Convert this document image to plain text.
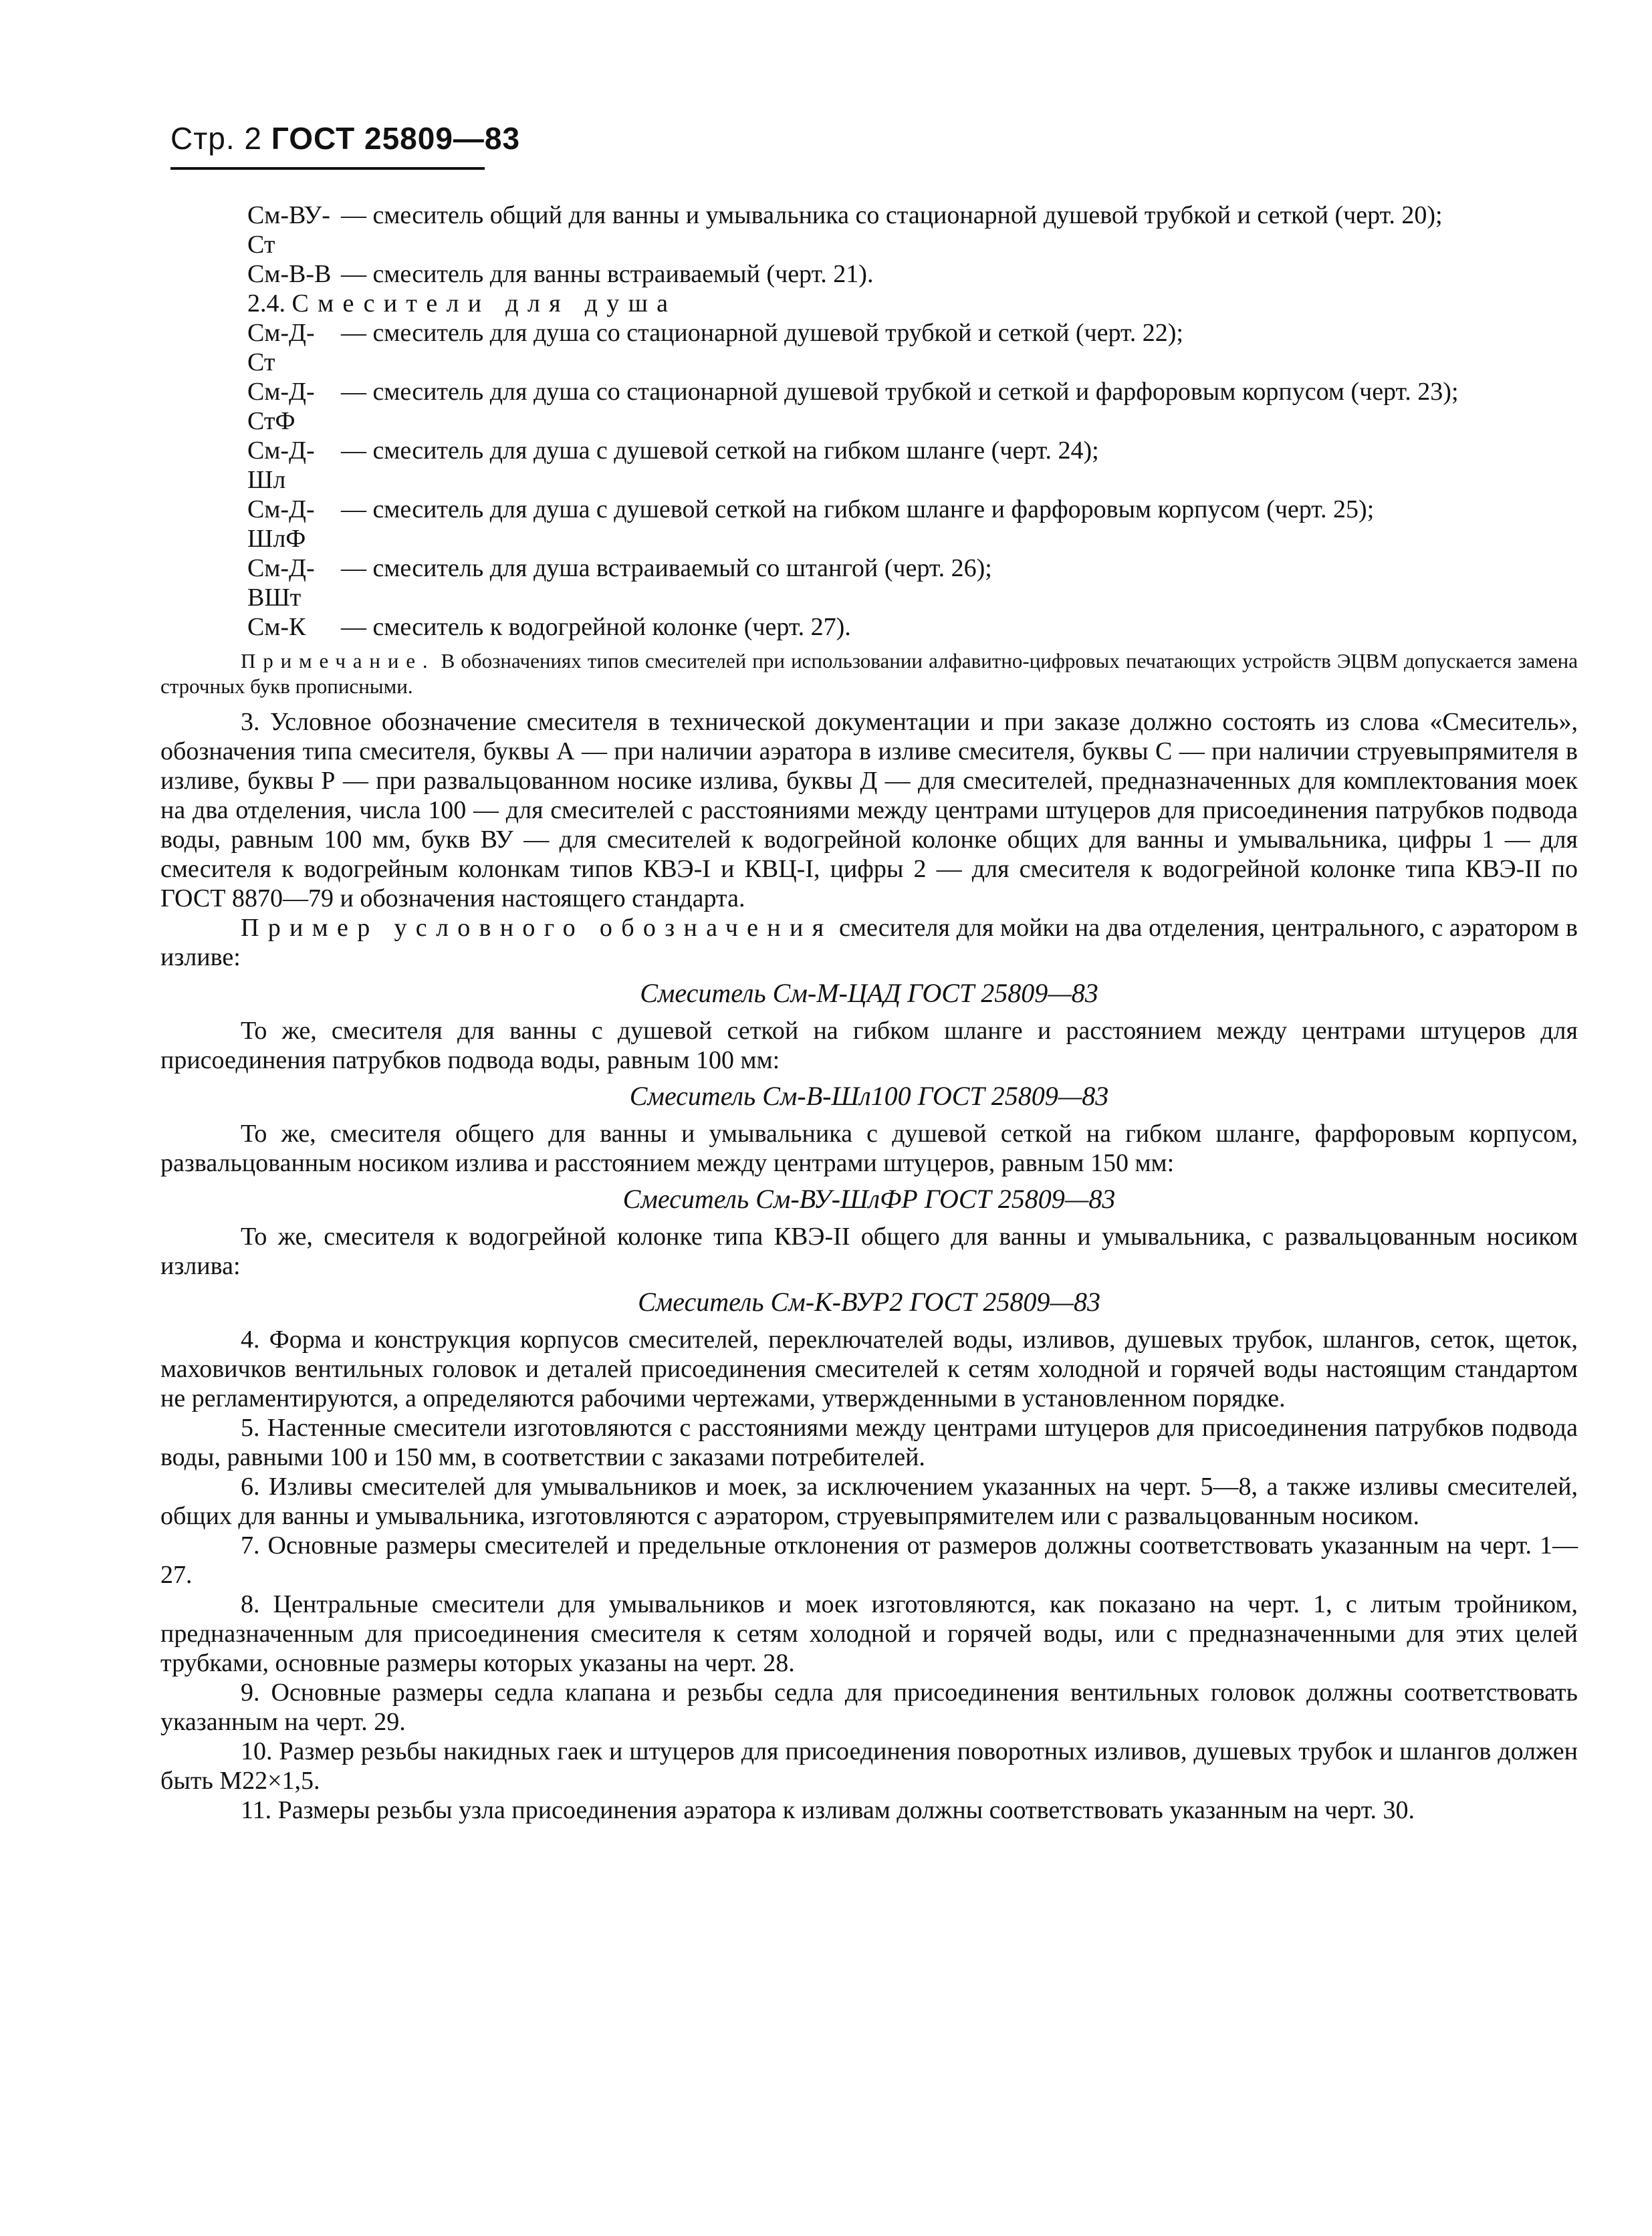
Стр. 2 ГОСТ 25809—83
См-ВУ-Ст
— смеситель общий для ванны и умывальника со стационарной душевой трубкой и сеткой (черт. 20);
См-В-В — смеситель для ванны встраиваемый (черт. 21).

2.4. Смесители для душа

См-Д-Ст
— смеситель для душа со стационарной душевой трубкой и сеткой (черт. 22);
См-Д-СтФ
— смеситель для душа со стационарной душевой трубкой и сеткой и фарфоровым корпусом (черт. 23);
См-Д-Шл
— смеситель для душа с душевой сеткой на гибком шланге (черт. 24);
См-Д-ШлФ
— смеситель для душа с душевой сеткой на гибком шланге и фарфоровым корпусом (черт. 25);
См-Д-ВШт
— смеситель для душа встраиваемый со штангой (черт. 26);
См-К	— смеситель к водогрейной колонке (черт. 27).

Примечание. В обозначениях типов смесителей при использовании алфавитно-цифровых печатающих устройств ЭЦВМ допускается замена строчных букв прописными.

3. Условное обозначение смесителя в технической документации и при заказе должно состоять из слова «Смеситель», обозначения типа смесителя, буквы А — при наличии аэратора в изливе смесителя, буквы С — при наличии струевыпрямителя в изливе, буквы Р — при развальцованном носике излива, буквы Д — для смесителей, предназначенных для комплектования моек на два отделения, числа 100 — для смесителей с расстояниями между центрами штуцеров для присоединения патрубков подвода воды, равным 100 мм, букв ВУ — для смесителей к водогрейной колонке общих для ванны и умывальника, цифры 1 — для смесителя к водогрейным колонкам типов КВЭ-I и КВЦ-I, цифры 2 — для смесителя к водогрейной колонке типа КВЭ-II по ГОСТ 8870—79 и обозначения настоящего стандарта.

Пример условного обозначения смесителя для мойки на два отделения, центрального, с аэратором в изливе:

Смеситель См-М-ЦАД ГОСТ 25809—83

То же, смесителя для ванны с душевой сеткой на гибком шланге и расстоянием между центрами штуцеров для присоединения патрубков подвода воды, равным 100 мм:

Смеситель См-В-Шл100 ГОСТ 25809—83

То же, смесителя общего для ванны и умывальника с душевой сеткой на гибком шланге, фарфоровым корпусом, развальцованным носиком излива и расстоянием между центрами штуцеров, равным 150 мм:

Смеситель См-ВУ-ШлФР ГОСТ 25809—83

То же, смесителя к водогрейной колонке типа КВЭ-II общего для ванны и умывальника, с развальцованным носиком излива:

Смеситель См-К-ВУР2 ГОСТ 25809—83

4. Форма и конструкция корпусов смесителей, переключателей воды, изливов, душевых трубок, шлангов, сеток, щеток, маховичков вентильных головок и деталей присоединения смесителей к сетям холодной и горячей воды настоящим стандартом не регламентируются, а определяются рабочими чертежами, утвержденными в установленном порядке.

5. Настенные смесители изготовляются с расстояниями между центрами штуцеров для присоединения патрубков подвода воды, равными 100 и 150 мм, в соответствии с заказами потребителей.

6. Изливы смесителей для умывальников и моек, за исключением указанных на черт. 5—8, а также изливы смесителей, общих для ванны и умывальника, изготовляются с аэратором, струевыпрямителем или с развальцованным носиком.

7. Основные размеры смесителей и предельные отклонения от размеров должны соответствовать указанным на черт. 1—27.

8. Центральные смесители для умывальников и моек изготовляются, как показано на черт. 1, с литым тройником, предназначенным для присоединения смесителя к сетям холодной и горячей воды, или с предназначенными для этих целей трубками, основные размеры которых указаны на черт. 28.

9. Основные размеры седла клапана и резьбы седла для присоединения вентильных головок должны соответствовать указанным на черт. 29.

10. Размер резьбы накидных гаек и штуцеров для присоединения поворотных изливов, душевых трубок и шлангов должен быть М22×1,5.

11. Размеры резьбы узла присоединения аэратора к изливам должны соответствовать указанным на черт. 30.
